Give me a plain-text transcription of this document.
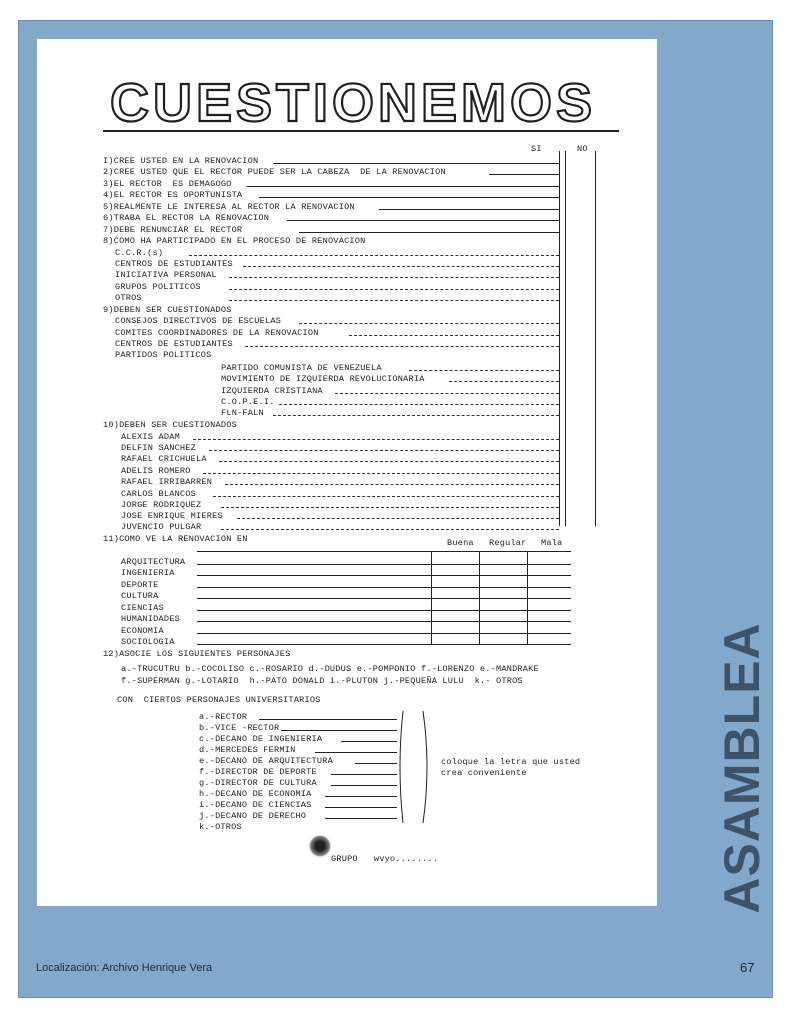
CUESTIONEMOS
SI	NO
I)CREE USTED EN LA RENOVACION
2)CREE USTED QUE EL RECTOR PUEDE SER LA CABEZA  DE LA RENOVACION
3)EL RECTOR  ES DEMAGOGO
4)EL RECTOR ES OPORTUNISTA
5)REALMENTE LE INTERESA AL RECTOR LA RENOVACION
6)TRABA EL RECTOR LA RENOVACION
7)DEBE RENUNCIAR EL RECTOR
8)COMO HA PARTICIPADO EN EL PROCESO DE RENOVACION
C.C.R.(s)
CENTROS DE ESTUDIANTES
INICIATIVA PERSONAL
GRUPOS POLITICOS
OTROS
9)DEBEN SER CUESTIONADOS
CONSEJOS DIRECTIVOS DE ESCUELAS
COMITES COORDINADORES DE LA RENOVACION
CENTROS DE ESTUDIANTES
PARTIDOS POLITICOS
PARTIDO COMUNISTA DE VENEZUELA
MOVIMIENTO DE IZQUIERDA REVOLUCIONARIA
IZQUIERDA CRISTIANA
C.O.P.E.I.
FLN-FALN
10)DEBEN SER CUESTIONADOS
ALEXIS ADAM
DELFIN SANCHEZ
RAFAEL CRICHUELA
ADELIS ROMERO
RAFAEL IRRIBARREN
CARLOS BLANCOS
JORGE RODRIQUEZ
JOSE ENRIQUE MIERES
JUVENCIO PULGAR
11)COMO VE LA RENOVACION EN	Buena Regular Mala
ARQUITECTURA
INGENIERIA
DEPORTE
CULTURA
CIENCIAS
HUMANIDADES
ECONOMIA
SOCIOLOGIA
12)ASOCIE LOS SIGUIENTES PERSONAJES
a.-TRUCUTRU b.-COCOLISO c.-ROSARIO d.-DUDUS e.-POMPONIO f.-LORENZO e.-MANDRAKE
f.-SUPERMAN g.-LOTARIO  h.-PATO DONALD i.-PLUTON j.-PEQUEÑA LULU  k.- OTROS
CON  CIERTOS PERSONAJES UNIVERSITARIOS
a.-RECTOR
b.-VICE -RECTOR
c.-DECANO DE INGENIERIA
d.-MERCEDES FERMIN
e.-DECANO DE ARQUITECTURA
f.-DIRECTOR DE DEPORTE
g.-DIRECTOR DE CULTURA
h.-DECANO DE ECONOMIA
i.-DECANO DE CIENCIAS
j.-DECANO DE DERECHO
k.-OTROS
coloque la letra que usted
crea conveniente
GRUPO   wvyo........	ASAMBLEA
Localización: Archivo Henrique Vera	67
